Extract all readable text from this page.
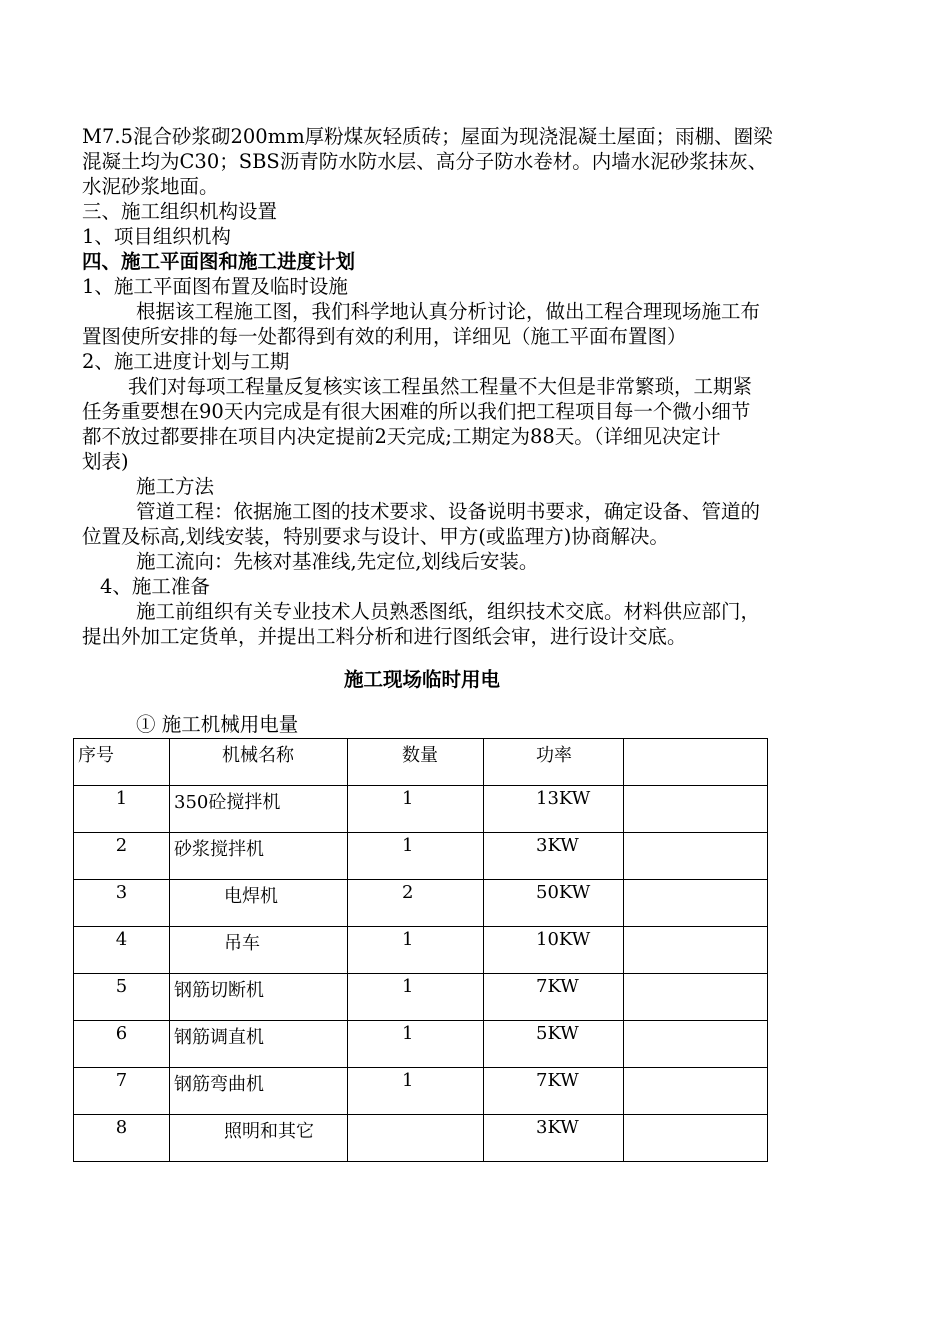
M7.5混合砂浆砌200mm厚粉煤灰轻质砖；屋面为现浇混凝土屋面；雨棚、圈梁
混凝土均为C30；SBS沥青防水防水层、高分子防水卷材。内墙水泥砂浆抹灰、
水泥砂浆地面。
三、施工组织机构设置
1、项目组织机构
四、施工平面图和施工进度计划
1、施工平面图布置及临时设施
根据该工程施工图，我们科学地认真分析讨论，做出工程合理现场施工布
置图使所安排的每一处都得到有效的利用，详细见（施工平面布置图）
2、施工进度计划与工期
我们对每项工程量反复核实该工程虽然工程量不大但是非常繁琐，工期紧
任务重要想在90天内完成是有很大困难的所以我们把工程项目每一个微小细节
都不放过都要排在项目内决定提前2天完成;工期定为88天。（详细见决定计
划表)
施工方法
管道工程：依据施工图的技术要求、设备说明书要求，确定设备、管道的
位置及标高,划线安装，特别要求与设计、甲方(或监理方)协商解决。
施工流向：先核对基准线,先定位,划线后安装。
4、施工准备
施工前组织有关专业技术人员熟悉图纸，组织技术交底。材料供应部门，
提出外加工定货单，并提出工料分析和进行图纸会审，进行设计交底。
施工现场临时用电
① 施工机械用电量
序号	机械名称	数量	功率	
1	350砼搅拌机	1	13KW	
2	砂浆搅拌机	1	3KW	
3	电焊机	2	50KW	
4	吊车	1	10KW	
5	钢筋切断机	1	7KW	
6	钢筋调直机	1	5KW	
7	钢筋弯曲机	1	7KW	
8	照明和其它		3KW	
